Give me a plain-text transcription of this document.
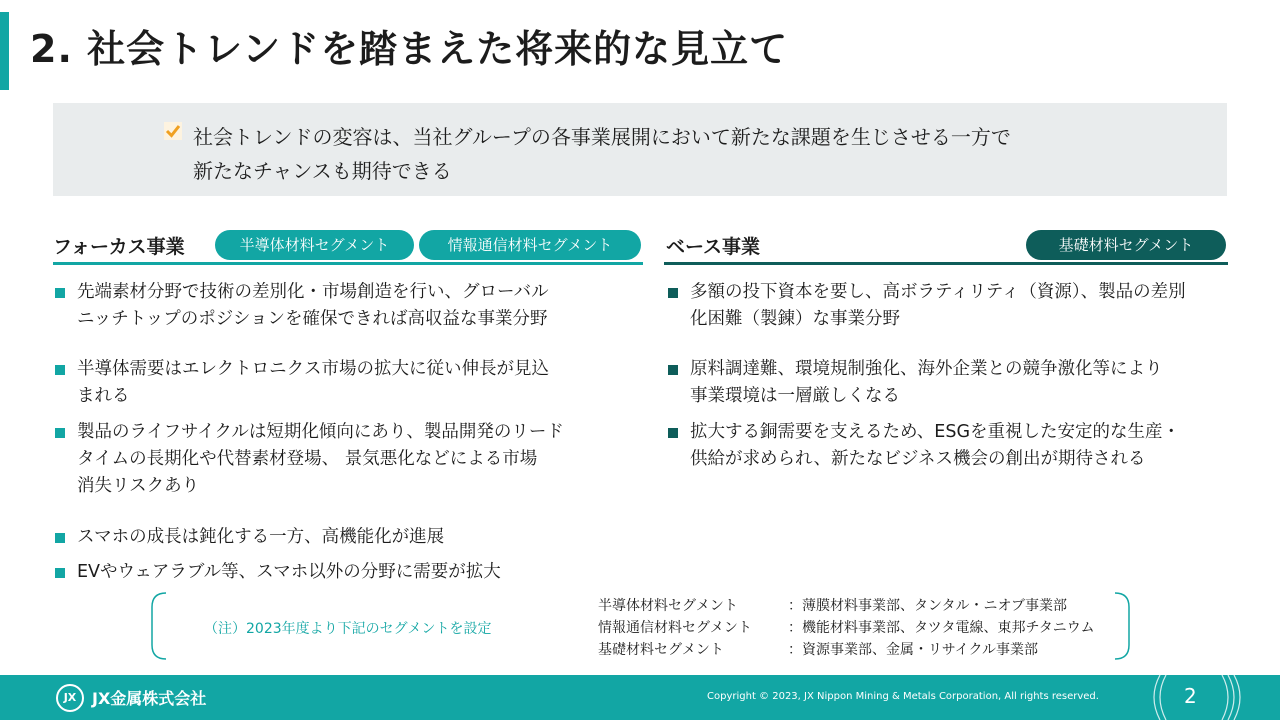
2. 社会トレンドを踏まえた将来的な見立て
社会トレンドの変容は、当社グループの各事業展開において新たな課題を生じさせる一方で
新たなチャンスも期待できる
フォーカス事業	半導体材料セグメント	情報通信材料セグメント
先端素材分野で技術の差別化・市場創造を行い、グローバル
ニッチトップのポジションを確保できれば高収益な事業分野
半導体需要はエレクトロニクス市場の拡大に従い伸長が見込
まれる
製品のライフサイクルは短期化傾向にあり、製品開発のリード
タイムの長期化や代替素材登場、 景気悪化などによる市場
消失リスクあり
スマホの成長は鈍化する一方、高機能化が進展
EVやウェアラブル等、スマホ以外の分野に需要が拡大
ベース事業	基礎材料セグメント
多額の投下資本を要し、高ボラティリティ（資源）、製品の差別
化困難（製錬）な事業分野
原料調達難、環境規制強化、海外企業との競争激化等により
事業環境は一層厳しくなる
拡大する銅需要を支えるため、ESGを重視した安定的な生産・
供給が求められ、新たなビジネス機会の創出が期待される
（注）2023年度より下記のセグメントを設定
半導体材料セグメント	：薄膜材料事業部、タンタル・ニオブ事業部
情報通信材料セグメント	：機能材料事業部、タツタ電線、東邦チタニウム
基礎材料セグメント	：資源事業部、金属・リサイクル事業部
JX JX金属株式会社	Copyright © 2023, JX Nippon Mining & Metals Corporation, All rights reserved.	2
